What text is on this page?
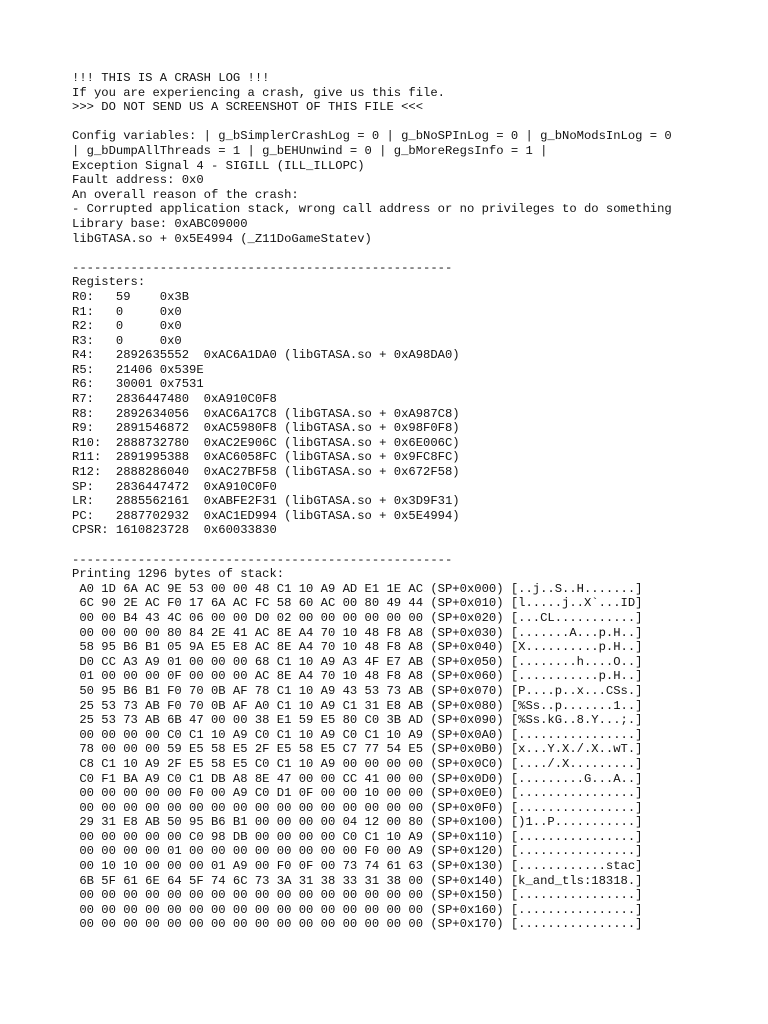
!!! THIS IS A CRASH LOG !!!
If you are experiencing a crash, give us this file.
>>> DO NOT SEND US A SCREENSHOT OF THIS FILE <<<
Config variables: | g_bSimplerCrashLog = 0 | g_bNoSPInLog = 0 | g_bNoModsInLog = 0
| g_bDumpAllThreads = 1 | g_bEHUnwind = 0 | g_bMoreRegsInfo = 1 |
Exception Signal 4 - SIGILL (ILL_ILLOPC)
Fault address: 0x0
An overall reason of the crash:
- Corrupted application stack, wrong call address or no privileges to do something
Library base: 0xABC09000
libGTASA.so + 0x5E4994 (_Z11DoGameStatev)
----------------------------------------------------
Registers:
R0:   59    0x3B
R1:   0     0x0
R2:   0     0x0
R3:   0     0x0
R4:   2892635552  0xAC6A1DA0 (libGTASA.so + 0xA98DA0)
R5:   21406 0x539E
R6:   30001 0x7531
R7:   2836447480  0xA910C0F8
R8:   2892634056  0xAC6A17C8 (libGTASA.so + 0xA987C8)
R9:   2891546872  0xAC5980F8 (libGTASA.so + 0x98F0F8)
R10:  2888732780  0xAC2E906C (libGTASA.so + 0x6E006C)
R11:  2891995388  0xAC6058FC (libGTASA.so + 0x9FC8FC)
R12:  2888286040  0xAC27BF58 (libGTASA.so + 0x672F58)
SP:   2836447472  0xA910C0F0
LR:   2885562161  0xABFE2F31 (libGTASA.so + 0x3D9F31)
PC:   2887702932  0xAC1ED994 (libGTASA.so + 0x5E4994)
CPSR: 1610823728  0x60033830
----------------------------------------------------
Printing 1296 bytes of stack:
A0 1D 6A AC 9E 53 00 00 48 C1 10 A9 AD E1 1E AC (SP+0x000) [..j..S..H.......]
6C 90 2E AC F0 17 6A AC FC 58 60 AC 00 80 49 44 (SP+0x010) [l.....j..X`...ID]
00 00 B4 43 4C 06 00 00 D0 02 00 00 00 00 00 00 (SP+0x020) [...CL...........]
00 00 00 00 80 84 2E 41 AC 8E A4 70 10 48 F8 A8 (SP+0x030) [.......A...p.H..]
58 95 B6 B1 05 9A E5 E8 AC 8E A4 70 10 48 F8 A8 (SP+0x040) [X..........p.H..]
D0 CC A3 A9 01 00 00 00 68 C1 10 A9 A3 4F E7 AB (SP+0x050) [........h....O..]
01 00 00 00 0F 00 00 00 AC 8E A4 70 10 48 F8 A8 (SP+0x060) [...........p.H..]
50 95 B6 B1 F0 70 0B AF 78 C1 10 A9 43 53 73 AB (SP+0x070) [P....p..x...CSs.]
25 53 73 AB F0 70 0B AF A0 C1 10 A9 C1 31 E8 AB (SP+0x080) [%Ss..p.......1..]
25 53 73 AB 6B 47 00 00 38 E1 59 E5 80 C0 3B AD (SP+0x090) [%Ss.kG..8.Y...;.]
00 00 00 00 C0 C1 10 A9 C0 C1 10 A9 C0 C1 10 A9 (SP+0x0A0) [................]
78 00 00 00 59 E5 58 E5 2F E5 58 E5 C7 77 54 E5 (SP+0x0B0) [x...Y.X./.X..wT.]
C8 C1 10 A9 2F E5 58 E5 C0 C1 10 A9 00 00 00 00 (SP+0x0C0) [..../.X.........]
C0 F1 BA A9 C0 C1 DB A8 8E 47 00 00 CC 41 00 00 (SP+0x0D0) [.........G...A..]
00 00 00 00 00 F0 00 A9 C0 D1 0F 00 00 10 00 00 (SP+0x0E0) [................]
00 00 00 00 00 00 00 00 00 00 00 00 00 00 00 00 (SP+0x0F0) [................]
29 31 E8 AB 50 95 B6 B1 00 00 00 00 04 12 00 80 (SP+0x100) [)1..P...........]
00 00 00 00 00 C0 98 DB 00 00 00 00 C0 C1 10 A9 (SP+0x110) [................]
00 00 00 00 01 00 00 00 00 00 00 00 00 F0 00 A9 (SP+0x120) [................]
00 10 10 00 00 00 01 A9 00 F0 0F 00 73 74 61 63 (SP+0x130) [............stac]
6B 5F 61 6E 64 5F 74 6C 73 3A 31 38 33 31 38 00 (SP+0x140) [k_and_tls:18318.]
00 00 00 00 00 00 00 00 00 00 00 00 00 00 00 00 (SP+0x150) [................]
00 00 00 00 00 00 00 00 00 00 00 00 00 00 00 00 (SP+0x160) [................]
00 00 00 00 00 00 00 00 00 00 00 00 00 00 00 00 (SP+0x170) [................]
